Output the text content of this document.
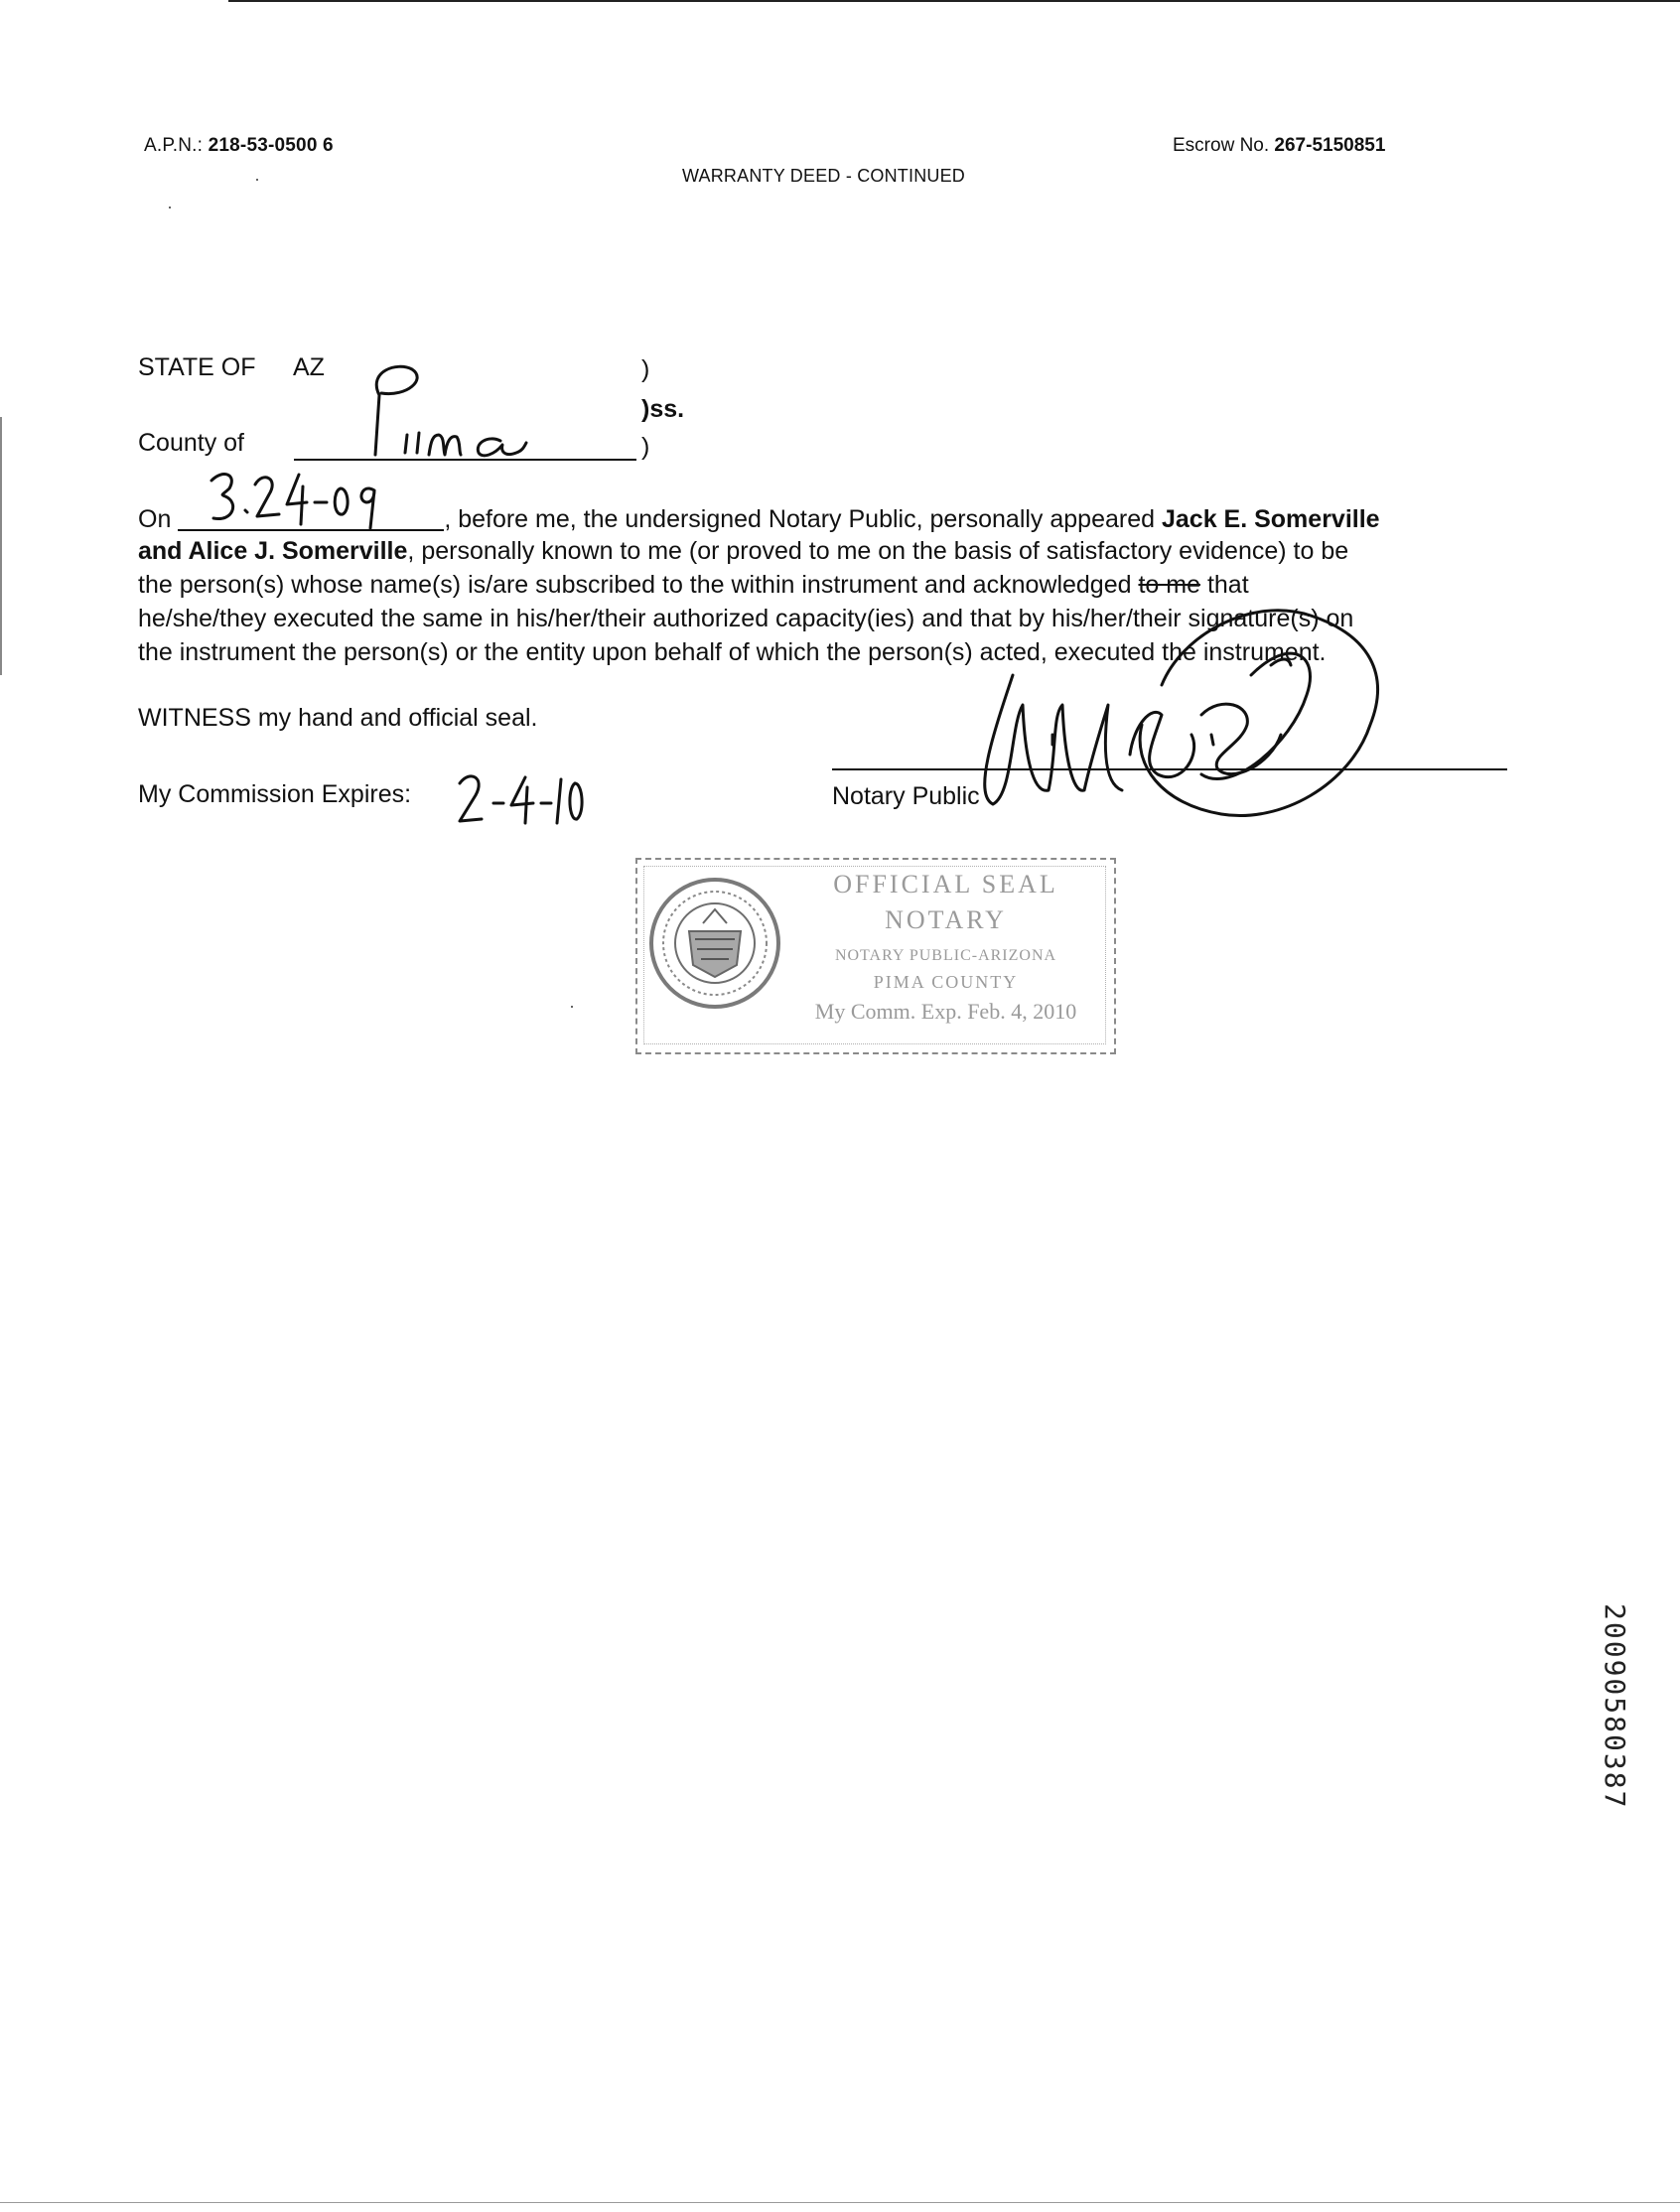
A.P.N.: 218-53-0500 6	Escrow No. 267-5150851
WARRANTY DEED - CONTINUED
STATE OF AZ
County of
)
)ss.
)
On	, before me, the undersigned Notary Public, personally appeared Jack E. Somerville
and Alice J. Somerville, personally known to me (or proved to me on the basis of satisfactory evidence) to be
the person(s) whose name(s) is/are subscribed to the within instrument and acknowledged to me that
he/she/they executed the same in his/her/their authorized capacity(ies) and that by his/her/their signature(s) on
the instrument the person(s) or the entity upon behalf of which the person(s) acted, executed the instrument.
WITNESS my hand and official seal.
My Commission Expires:	Notary Public
OFFICIAL SEAL
NOTARY
NOTARY PUBLIC-ARIZONA
PIMA COUNTY
My Comm. Exp. Feb. 4, 2010
20090580387
